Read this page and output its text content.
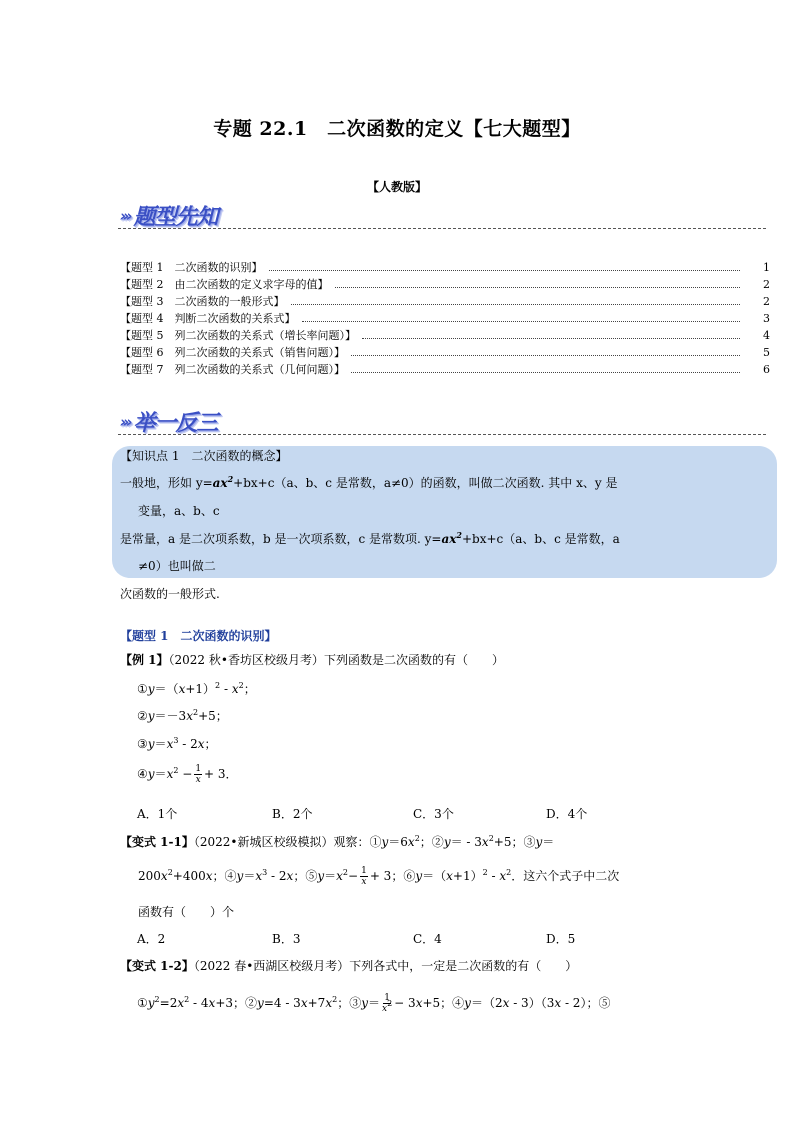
专题 22.1　二次函数的定义【七大题型】
【人教版】
››› 题型先知
【题型 1　二次函数的识别】	1
【题型 2　由二次函数的定义求字母的值】	2
【题型 3　二次函数的一般形式】	2
【题型 4　判断二次函数的关系式】	3
【题型 5　列二次函数的关系式（增长率问题）】	4
【题型 6　列二次函数的关系式（销售问题）】	5
【题型 7　列二次函数的关系式（几何问题）】	6
››› 举一反三
【知识点 1　二次函数的概念】
一般地，形如 $y=ax^2+bx+c(a$、b、c 是常数，a≠0）的函数，叫做二次函数. 其中 x、y 是
变量，a、b、c
是常量，a 是二次项系数，b 是一次项系数，c 是常数项. $y=ax^2+bx+c(a$、b、c 是常数，a
≠0）也叫做二
次函数的一般形式.
【题型 1　二次函数的识别】
【例 1】（2022 秋•香坊区校级月考）下列函数是二次函数的有（　　）
$①y=(x+1)^2 - x^2$；
$②y=-3x^2+5$；
$③y=x^3 - 2x$；
$④y=x^2 - \frac{1}{x} + 3$．
A．1个	B．2个	C．3个	D．4个
【变式 1-1】（2022•新城区校级模拟）观察：$①y=6x^2$；②y＝ - $3x^2+5$；③y＝
$200x^2+400x$；$④y=x^3 - 2x$；$⑤y=x^2- \frac{1}{x} + 3$；$⑥y=(x+1)^2 - x^2$．这六个式子中二次
函数有（　　）个
A．2	B．3	C．4	D．5
【变式 1-2】（2022 春•西湖区校级月考）下列各式中，一定是二次函数的有（　　）
$①y^2=2x^2 - 4x+3$；②y=4 - $3x+7x^2$；③y＝ $\frac{1}{x^2} - 3x+5$；④y＝（2x - 3）（3x - 2）；⑤
